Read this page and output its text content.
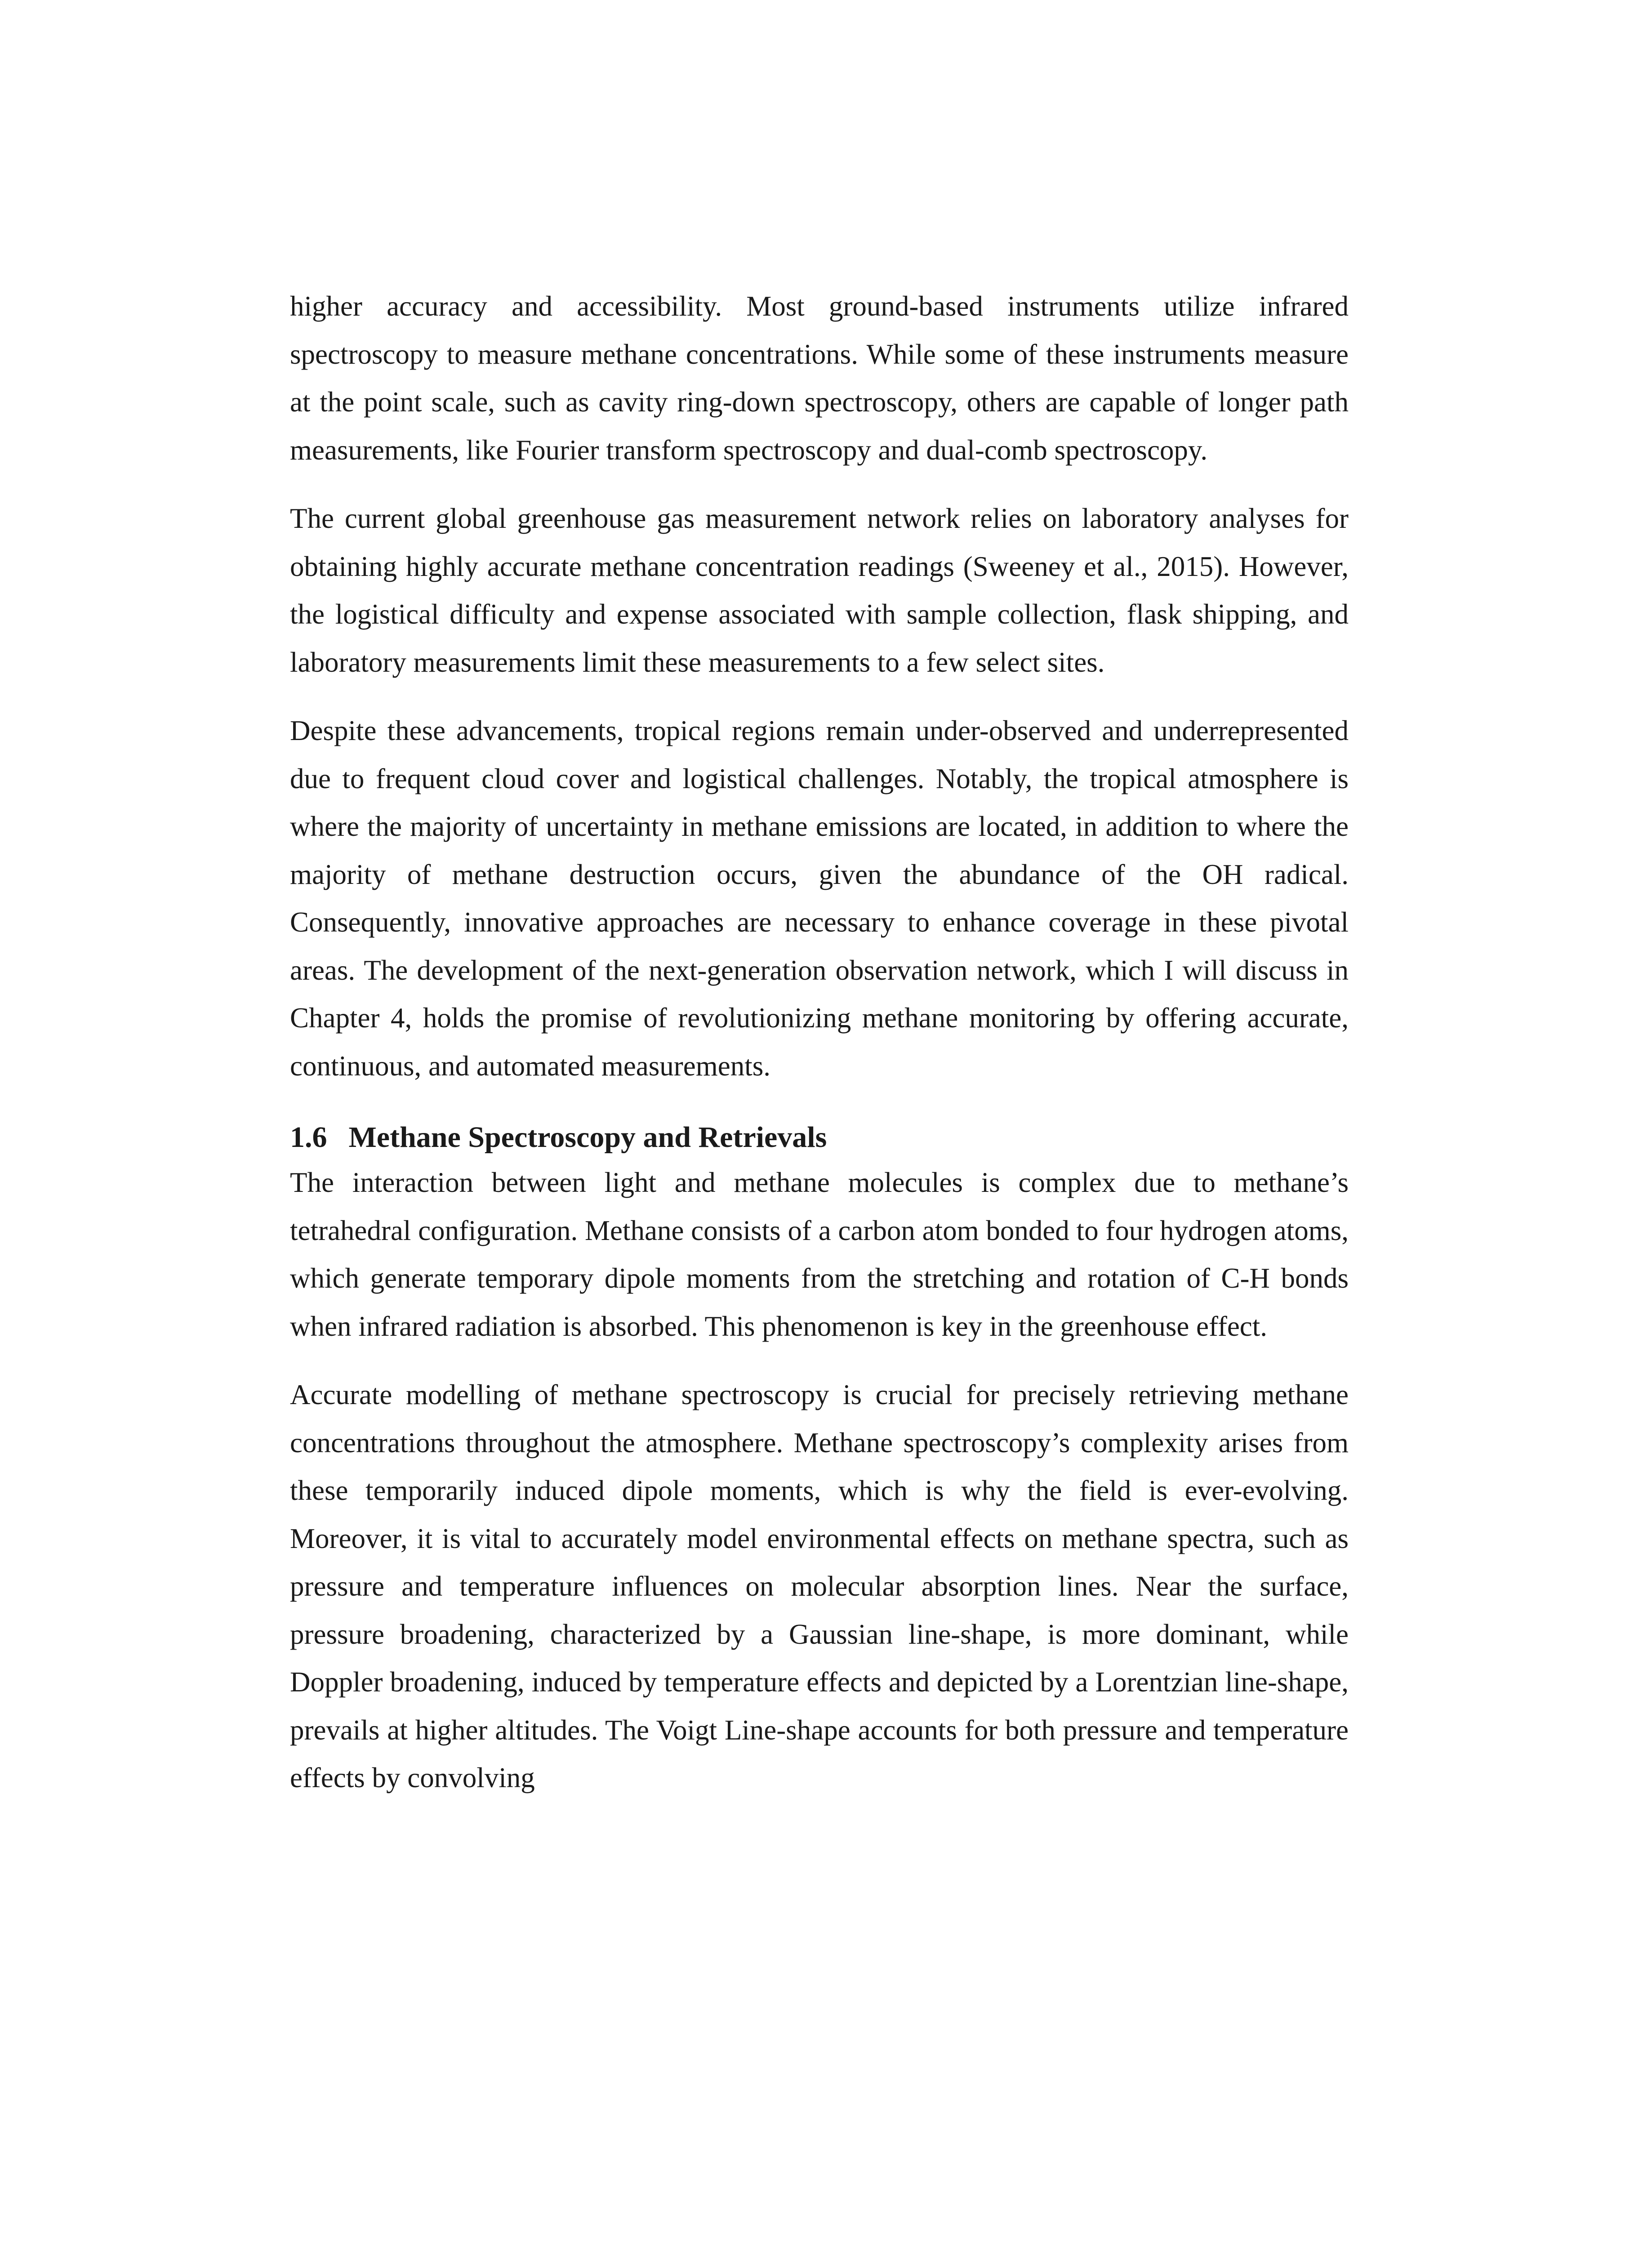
higher accuracy and accessibility. Most ground-based instruments utilize infrared spectroscopy to measure methane concentrations. While some of these instruments measure at the point scale, such as cavity ring-down spectroscopy, others are capable of longer path measurements, like Fourier transform spectroscopy and dual-comb spectroscopy.

The current global greenhouse gas measurement network relies on laboratory analyses for obtaining highly accurate methane concentration readings (Sweeney et al., 2015). However, the logistical difficulty and expense associated with sample collection, flask shipping, and laboratory measurements limit these measurements to a few select sites.

Despite these advancements, tropical regions remain under-observed and underrepresented due to frequent cloud cover and logistical challenges. Notably, the tropical atmosphere is where the majority of uncertainty in methane emissions are located, in addition to where the majority of methane destruction occurs, given the abundance of the OH radical. Consequently, innovative approaches are necessary to enhance coverage in these pivotal areas. The development of the next-generation observation network, which I will discuss in Chapter 4, holds the promise of revolutionizing methane monitoring by offering accurate, continuous, and automated measurements.

1.6 Methane Spectroscopy and Retrievals

The interaction between light and methane molecules is complex due to methane’s tetrahedral configuration. Methane consists of a carbon atom bonded to four hydrogen atoms, which generate temporary dipole moments from the stretching and rotation of C-H bonds when infrared radiation is absorbed. This phenomenon is key in the greenhouse effect.

Accurate modelling of methane spectroscopy is crucial for precisely retrieving methane concentrations throughout the atmosphere. Methane spectroscopy’s complexity arises from these temporarily induced dipole moments, which is why the field is ever-evolving. Moreover, it is vital to accurately model environmental effects on methane spectra, such as pressure and temperature influences on molecular absorption lines. Near the surface, pressure broadening, characterized by a Gaussian line-shape, is more dominant, while Doppler broadening, induced by temperature effects and depicted by a Lorentzian line-shape, prevails at higher altitudes. The Voigt Line-shape accounts for both pressure and temperature effects by convolving
